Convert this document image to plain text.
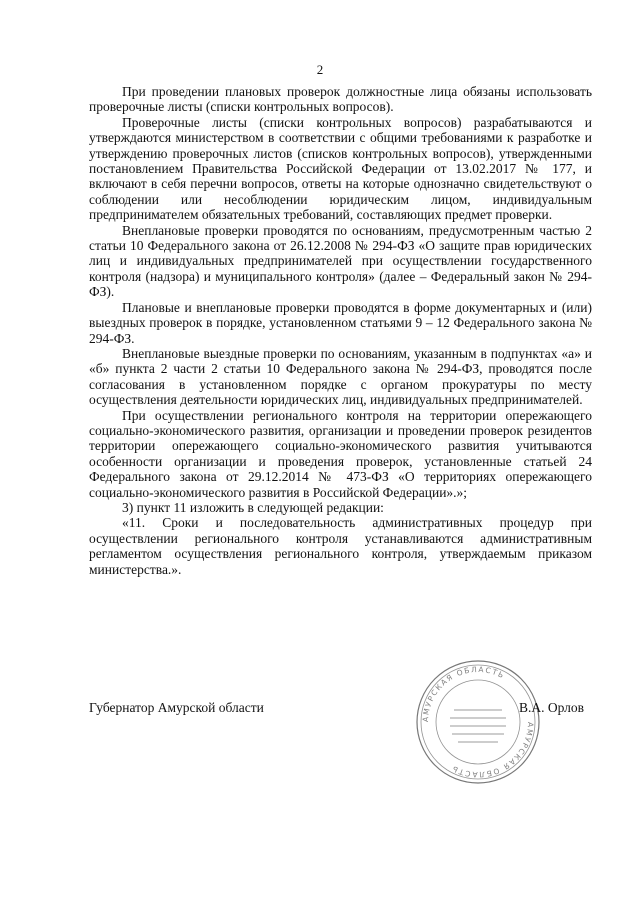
2

При проведении плановых проверок должностные лица обязаны использовать проверочные листы (списки контрольных вопросов).

Проверочные листы (списки контрольных вопросов) разрабатываются и утверждаются министерством в соответствии с общими требованиями к разработке и утверждению проверочных листов (списков контрольных вопросов), утвержденными постановлением Правительства Российской Федерации от 13.02.2017 № 177, и включают в себя перечни вопросов, ответы на которые однозначно свидетельствуют о соблюдении или несоблюдении юридическим лицом, индивидуальным предпринимателем обязательных требований, составляющих предмет проверки.

Внеплановые проверки проводятся по основаниям, предусмотренным частью 2 статьи 10 Федерального закона от 26.12.2008 № 294-ФЗ «О защите прав юридических лиц и индивидуальных предпринимателей при осуществлении государственного контроля (надзора) и муниципального контроля» (далее – Федеральный закон № 294-ФЗ).

Плановые и внеплановые проверки проводятся в форме документарных и (или) выездных проверок в порядке, установленном статьями 9 – 12 Федерального закона № 294-ФЗ.

Внеплановые выездные проверки по основаниям, указанным в подпунктах «а» и «б» пункта 2 части 2 статьи 10 Федерального закона № 294-ФЗ, проводятся после согласования в установленном порядке с органом прокуратуры по месту осуществления деятельности юридических лиц, индивидуальных предпринимателей.

При осуществлении регионального контроля на территории опережающего социально-экономического развития, организации и проведении проверок резидентов территории опережающего социально-экономического развития учитываются особенности организации и проведения проверок, установленные статьей 24 Федерального закона от 29.12.2014 № 473-ФЗ «О территориях опережающего социально-экономического развития в Российской Федерации».»;

3) пункт 11 изложить в следующей редакции:

«11. Сроки и последовательность административных процедур при осуществлении регионального контроля устанавливаются административным регламентом осуществления регионального контроля, утверждаемым приказом министерства.».

АМУРСКАЯ ОБЛАСТЬ
АМУРСКАЯ ОБЛАСТЬ
Губернатор Амурской области	В.А. Орлов
